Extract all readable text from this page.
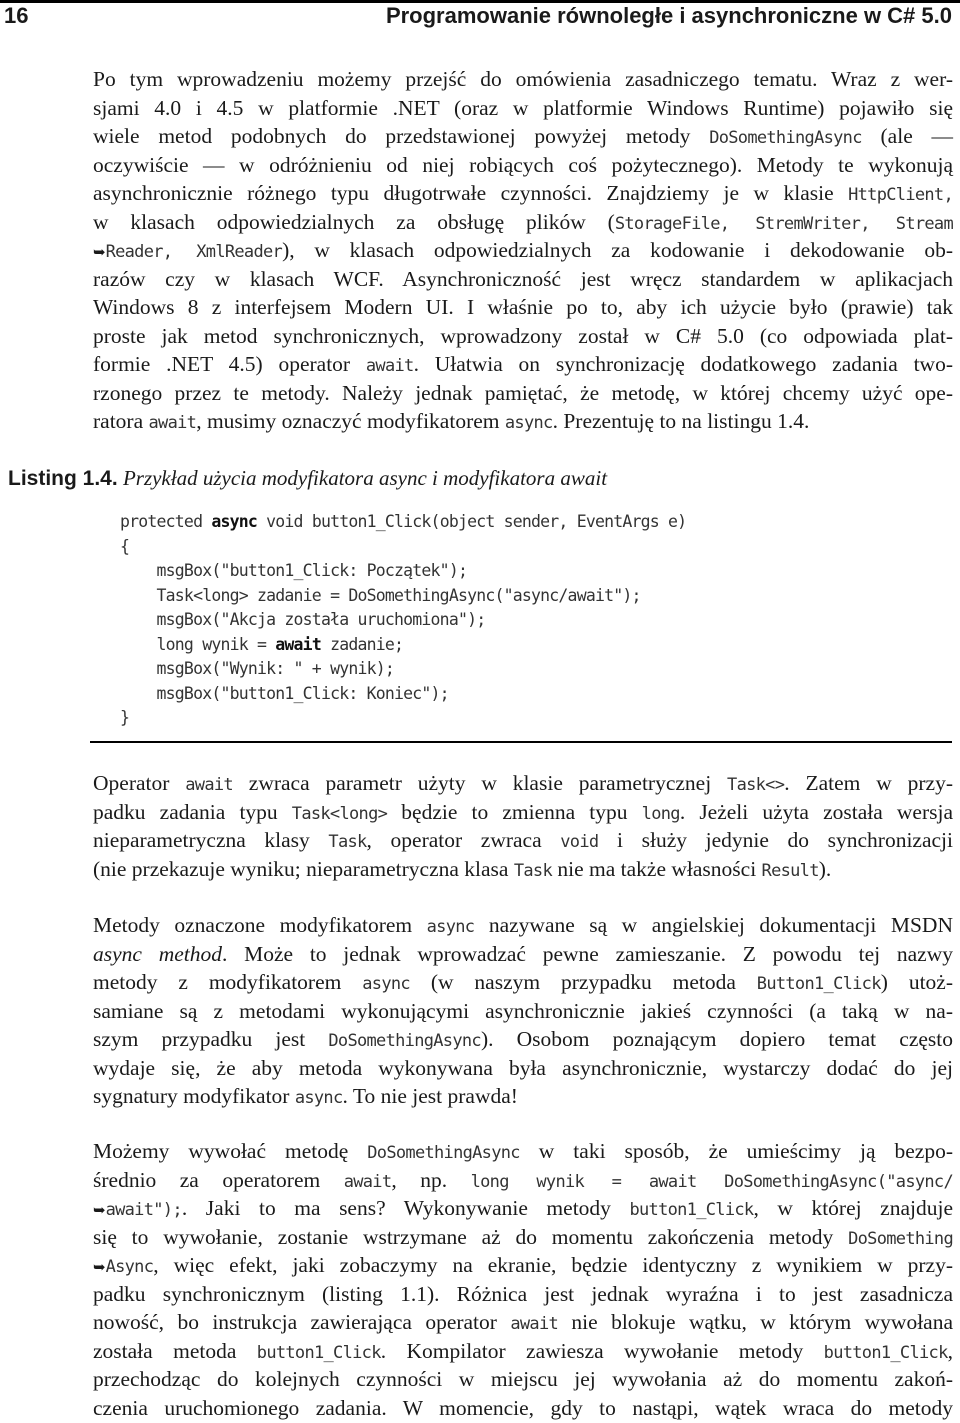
16	Programowanie równoległe i asynchroniczne w C# 5.0
Po tym wprowadzeniu możemy przejść do omówienia zasadniczego tematu. Wraz z wer-
sjami 4.0 i 4.5 w platformie .NET (oraz w platformie Windows Runtime) pojawiło się
wiele metod podobnych do przedstawionej powyżej metody DoSomethingAsync (ale —
oczywiście — w odróżnieniu od niej robiących coś pożytecznego). Metody te wykonują
asynchronicznie różnego typu długotrwałe czynności. Znajdziemy je w klasie HttpClient,
w klasach odpowiedzialnych za obsługę plików (StorageFile, StremWriter, Stream
➥Reader, XmlReader), w klasach odpowiedzialnych za kodowanie i dekodowanie ob-
razów czy w klasach WCF. Asynchroniczność jest wręcz standardem w aplikacjach
Windows 8 z interfejsem Modern UI. I właśnie po to, aby ich użycie było (prawie) tak
proste jak metod synchronicznych, wprowadzony został w C# 5.0 (co odpowiada plat-
formie .NET 4.5) operator await. Ułatwia on synchronizację dodatkowego zadania two-
rzonego przez te metody. Należy jednak pamiętać, że metodę, w której chcemy użyć ope-
ratora await, musimy oznaczyć modyfikatorem async. Prezentuję to na listingu 1.4.
Listing 1.4. Przykład użycia modyfikatora async i modyfikatora await
protected async void button1_Click(object sender, EventArgs e)
{
msgBox("button1_Click: Początek");
Task<long> zadanie = DoSomethingAsync("async/await");
msgBox("Akcja została uruchomiona");
long wynik = await zadanie;
msgBox("Wynik: " + wynik);
msgBox("button1_Click: Koniec");
}
Operator await zwraca parametr użyty w klasie parametrycznej Task<>. Zatem w przy-
padku zadania typu Task<long> będzie to zmienna typu long. Jeżeli użyta została wersja
nieparametryczna klasy Task, operator zwraca void i służy jedynie do synchronizacji
(nie przekazuje wyniku; nieparametryczna klasa Task nie ma także własności Result).
Metody oznaczone modyfikatorem async nazywane są w angielskiej dokumentacji MSDN
async method. Może to jednak wprowadzać pewne zamieszanie. Z powodu tej nazwy
metody z modyfikatorem async (w naszym przypadku metoda Button1_Click) utoż-
samiane są z metodami wykonującymi asynchronicznie jakieś czynności (a taką w na-
szym przypadku jest DoSomethingAsync). Osobom poznającym dopiero temat często
wydaje się, że aby metoda wykonywana była asynchronicznie, wystarczy dodać do jej
sygnatury modyfikator async. To nie jest prawda!
Możemy wywołać metodę DoSomethingAsync w taki sposób, że umieścimy ją bezpo-
średnio za operatorem await, np. long wynik = await DoSomethingAsync("async/
➥await");. Jaki to ma sens? Wykonywanie metody button1_Click, w której znajduje
się to wywołanie, zostanie wstrzymane aż do momentu zakończenia metody DoSomething
➥Async, więc efekt, jaki zobaczymy na ekranie, będzie identyczny z wynikiem w przy-
padku synchronicznym (listing 1.1). Różnica jest jednak wyraźna i to jest zasadnicza
nowość, bo instrukcja zawierająca operator await nie blokuje wątku, w którym wywołana
została metoda button1_Click. Kompilator zawiesza wywołanie metody button1_Click,
przechodząc do kolejnych czynności w miejscu jej wywołania aż do momentu zakoń-
czenia uruchomionego zadania. W momencie, gdy to nastąpi, wątek wraca do metody
